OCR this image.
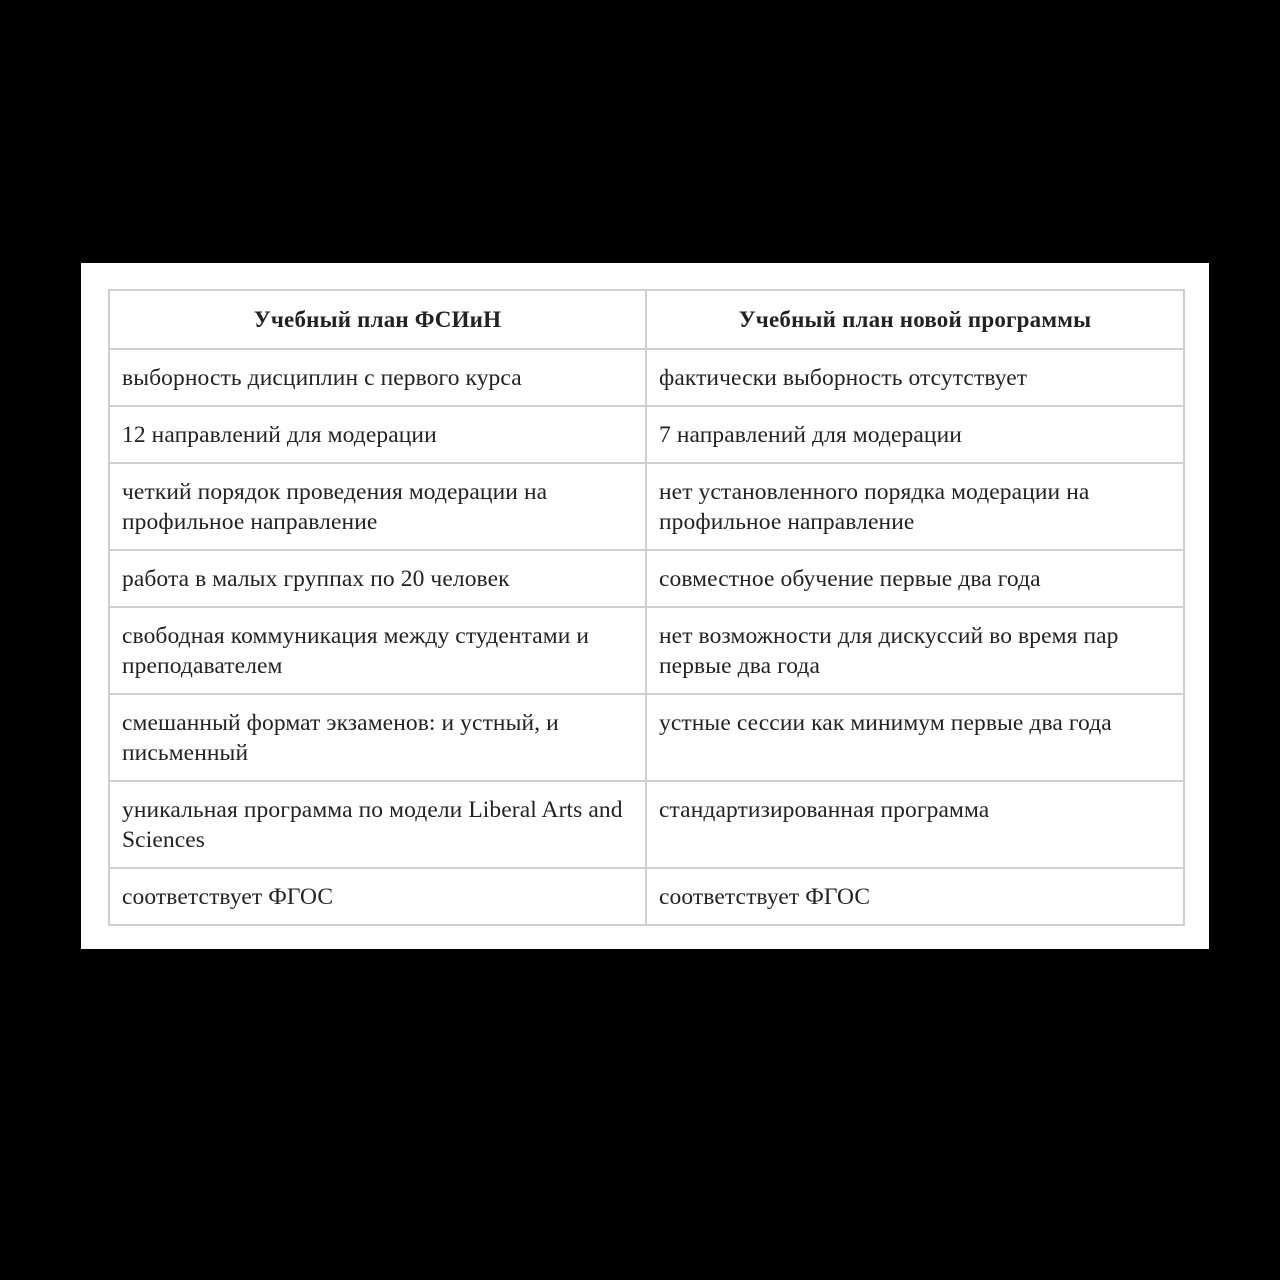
Учебный план ФСИиН	Учебный план новой программы
выборность дисциплин с первого курса	фактически выборность отсутствует
12 направлений для модерации	7 направлений для модерации
четкий порядок проведения модерации на профильное направление	нет установленного порядка модерации на профильное направление
работа в малых группах по 20 человек	совместное обучение первые два года
свободная коммуникация между студентами и преподавателем	нет возможности для дискуссий во время пар первые два года
смешанный формат экзаменов: и устный, и письменный	устные сессии как минимум первые два года
уникальная программа по модели Liberal Arts and Sciences	стандартизированная программа
соответствует ФГОС	соответствует ФГОС
